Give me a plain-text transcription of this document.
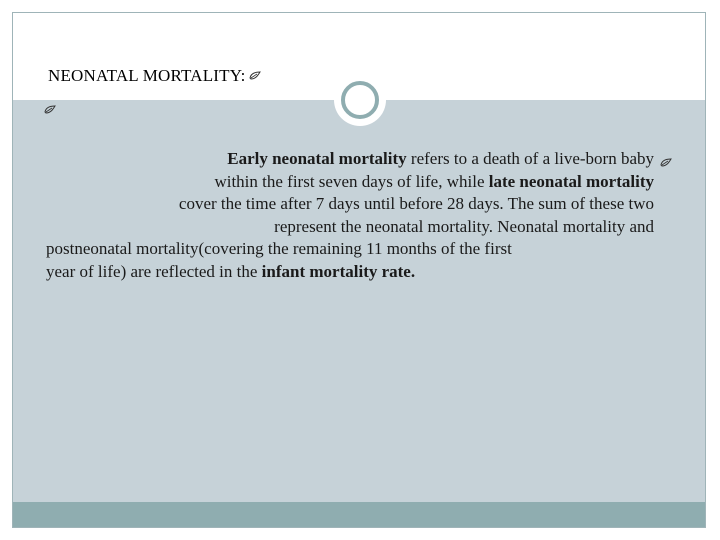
NEONATAL MORTALITY:
Early neonatal mortality refers to a death of a live-born baby
within the first seven days of life, while late neonatal mortality
cover the time after 7 days until before 28 days. The sum of these two
represent the neonatal mortality. Neonatal mortality and
postneonatal mortality(covering the remaining 11 months of the first
year of life) are reflected in the infant mortality rate.
